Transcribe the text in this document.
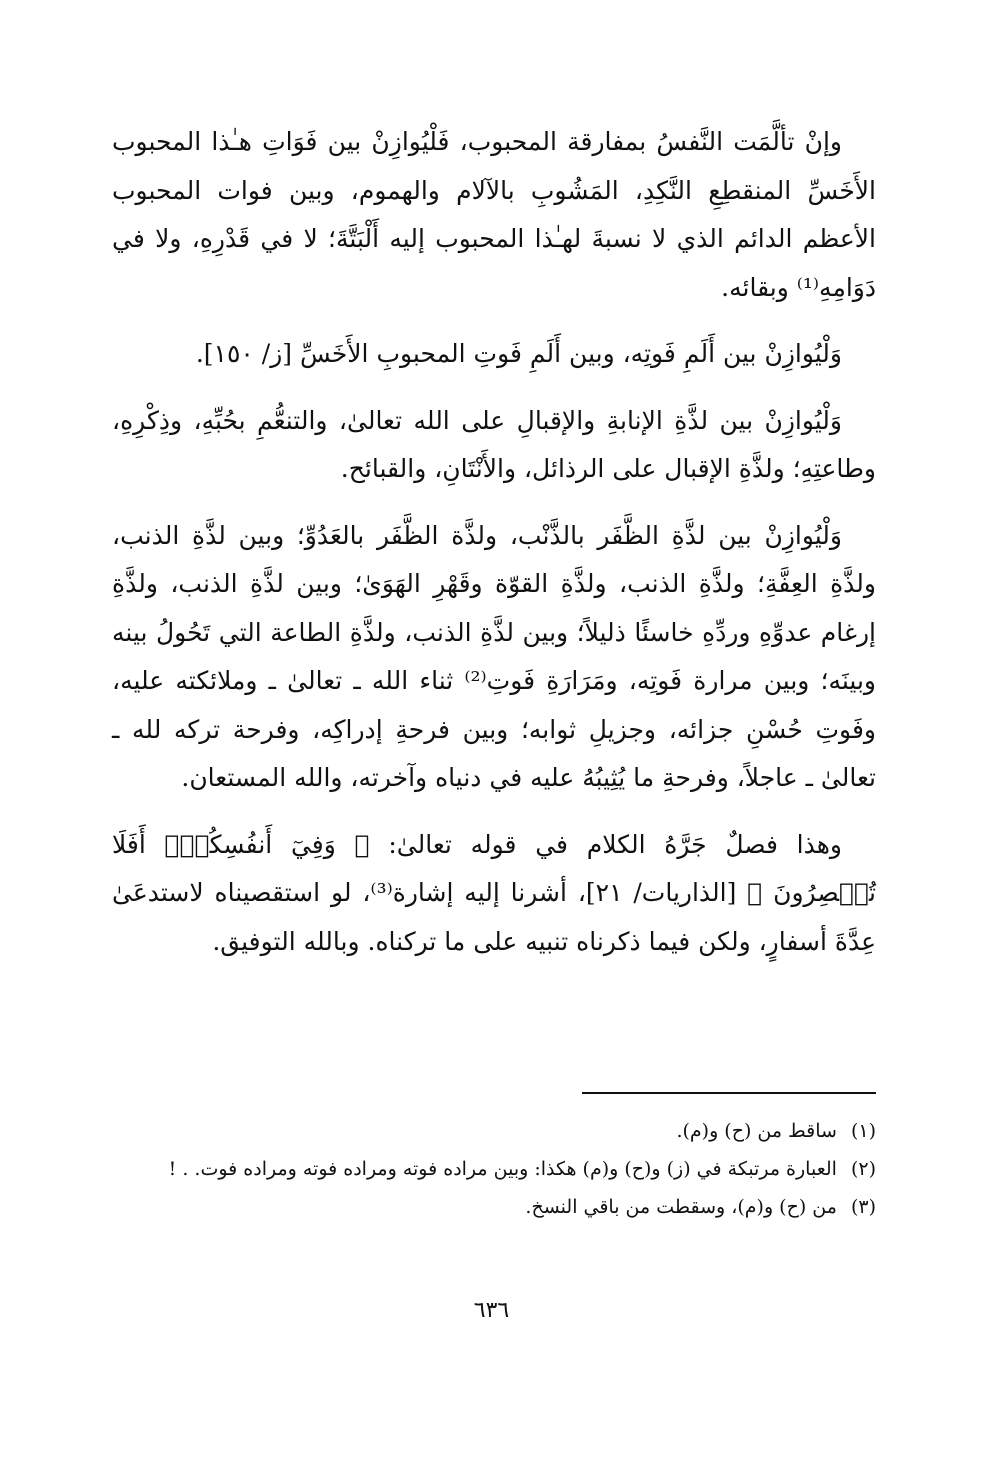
وإنْ تألَّمَت النَّفسُ بمفارقة المحبوب، فَلْيُوازِنْ بين فَوَاتِ هـٰذا المحبوب الأَخَسِّ المنقطِعِ النَّكِدِ، المَشُوبِ بالآلام والهموم، وبين فوات المحبوب الأعظم الدائم الذي لا نسبةَ لهـٰذا المحبوب إليه أَلْبَتَّةَ؛ لا في قَدْرِهِ، ولا في دَوَامِهِ⁽¹⁾ وبقائه.

وَلْيُوازِنْ بين أَلَمِ فَوتِه، وبين أَلَمِ فَوتِ المحبوبِ الأَخَسِّ [ز/ ١٥٠].

وَلْيُوازِنْ بين لذَّةِ الإنابةِ والإقبالِ على الله تعالىٰ، والتنعُّمِ بحُبِّهِ، وذِكْرِهِ، وطاعتِهِ؛ ولذَّةِ الإقبال على الرذائل، والأَنْتَانِ، والقبائح.

وَلْيُوازِنْ بين لذَّةِ الظَّفَر بالذَّنْب، ولذَّة الظَّفَر بالعَدُوِّ؛ وبين لذَّةِ الذنب، ولذَّةِ العِفَّةِ؛ ولذَّةِ الذنب، ولذَّةِ القوّة وقَهْرِ الهَوَىٰ؛ وبين لذَّةِ الذنب، ولذَّةِ إرغام عدوِّهِ وردِّهِ خاسئًا ذليلاً؛ وبين لذَّةِ الذنب، ولذَّةِ الطاعة التي تَحُولُ بينه وبينَه؛ وبين مرارة فَوتِه، ومَرَارَةِ فَوتِ⁽²⁾ ثناء الله ـ تعالىٰ ـ وملائكته عليه، وفَوتِ حُسْنِ جزائه، وجزيلِ ثوابه؛ وبين فرحةِ إدراكِه، وفرحة تركه لله ـ تعالىٰ ـ عاجلاً، وفرحةِ ما يُثِيبُهُ عليه في دنياه وآخرته، والله المستعان.

وهذا فصلٌ جَرَّهُ الكلام في قوله تعالىٰ: ﴿ وَفِيٓ أَنفُسِكُمۡۚ أَفَلَا تُبۡصِرُونَ ﴾ [الذاريات/ ٢١]، أشرنا إليه إشارة⁽³⁾، لو استقصيناه لاستدعَىٰ عِدَّةَ أسفارٍ، ولكن فيما ذكرناه تنبيه على ما تركناه. وبالله التوفيق.

(١)
ساقط من (ح) و(م).
(٢)
العبارة مرتبكة في (ز) و(ح) و(م) هكذا: وبين مراده فوته ومراده فوته ومراده فوت. . !
(٣)
من (ح) و(م)، وسقطت من باقي النسخ.
٦٣٦
